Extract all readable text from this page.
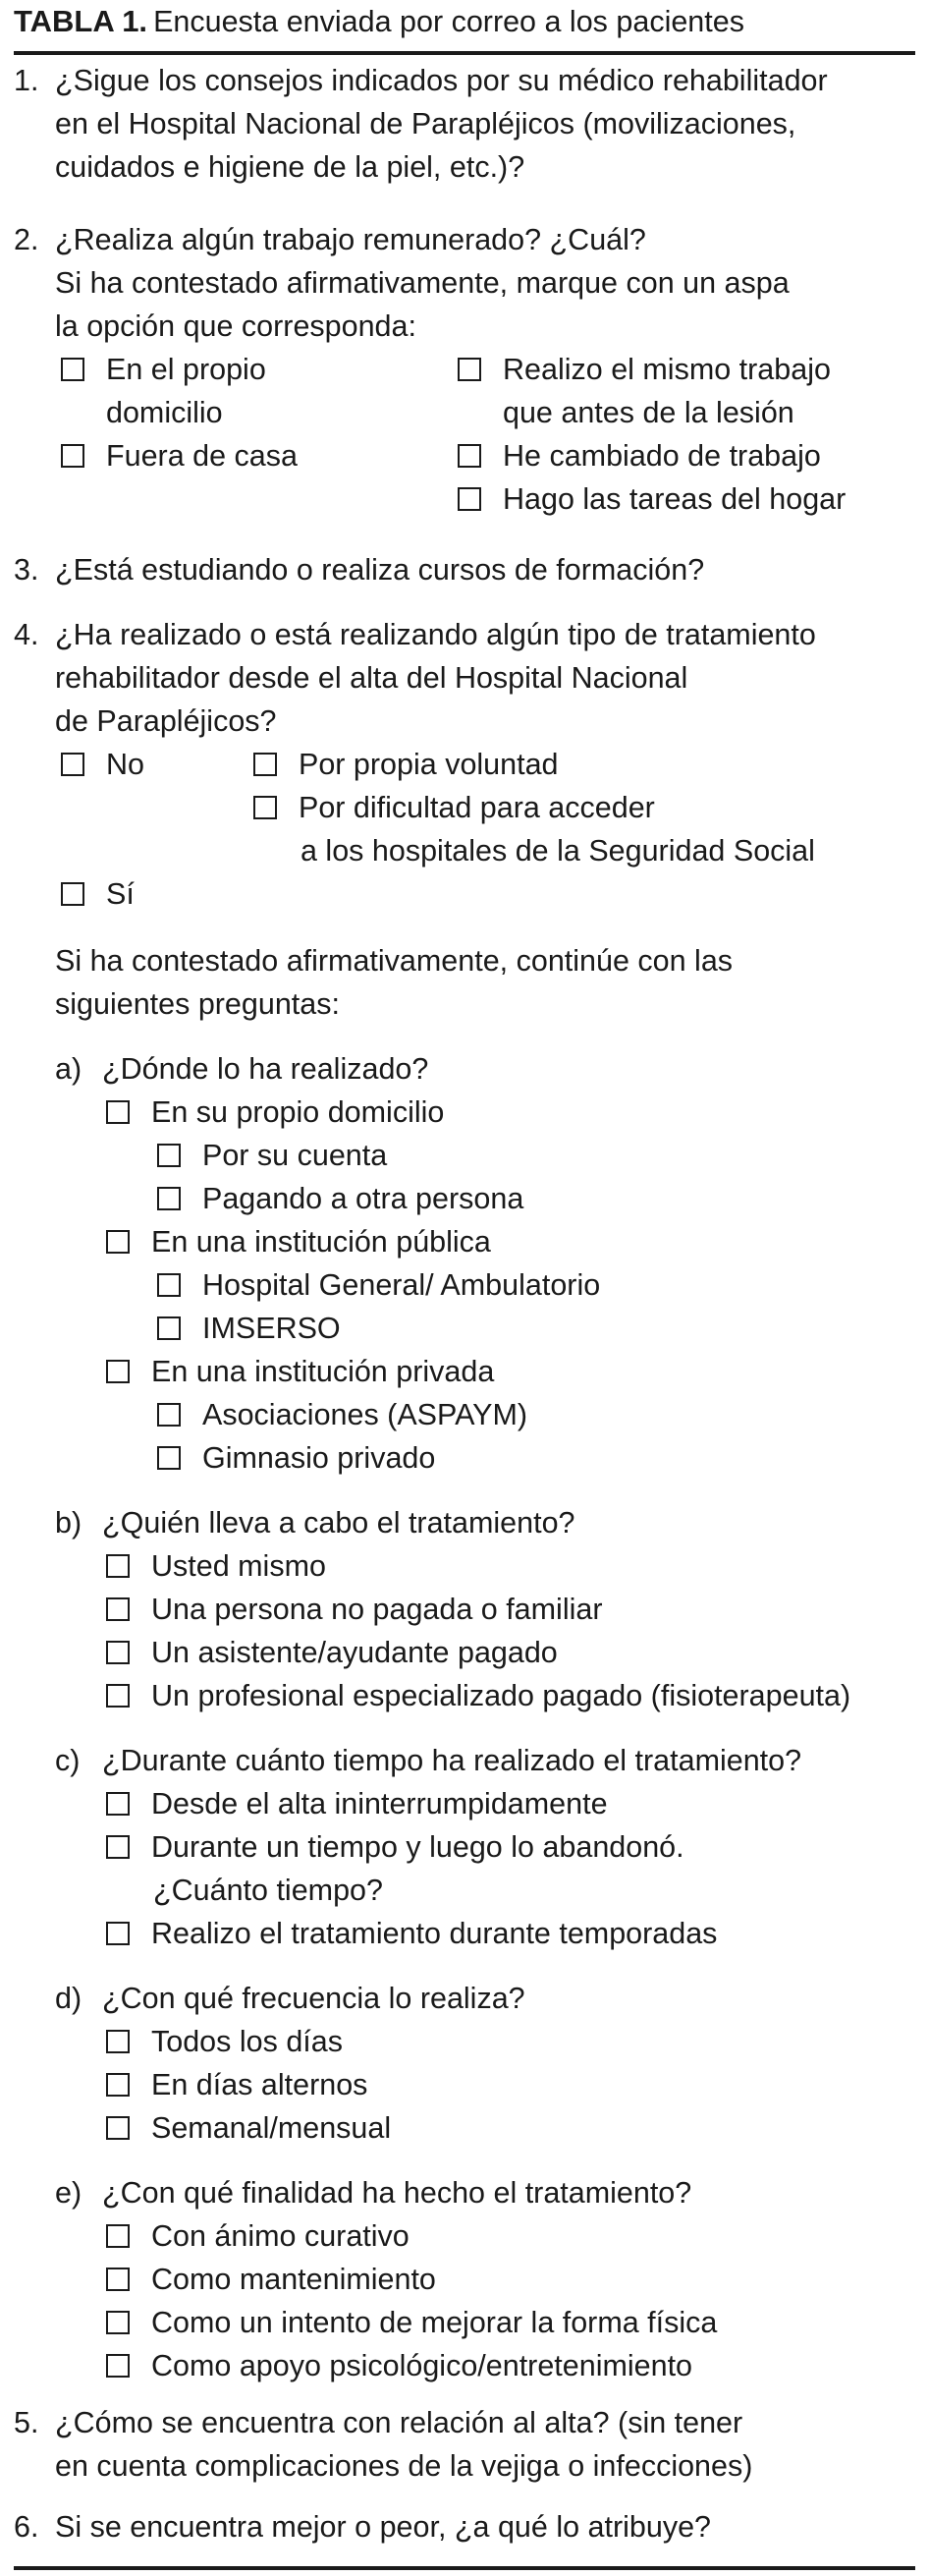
TABLA 1. Encuesta enviada por correo a los pacientes
1. ¿Sigue los consejos indicados por su médico rehabilitador
en el Hospital Nacional de Parapléjicos (movilizaciones,
cuidados e higiene de la piel, etc.)?
2. ¿Realiza algún trabajo remunerado? ¿Cuál?
Si ha contestado afirmativamente, marque con un aspa
la opción que corresponda:
En el propio
domicilio
Fuera de casa
Realizo el mismo trabajo
que antes de la lesión
He cambiado de trabajo
Hago las tareas del hogar
3. ¿Está estudiando o realiza cursos de formación?
4. ¿Ha realizado o está realizando algún tipo de tratamiento
rehabilitador desde el alta del Hospital Nacional
de Parapléjicos?
No	Por propia voluntad
Por dificultad para acceder
a los hospitales de la Seguridad Social
Sí
Si ha contestado afirmativamente, continúe con las
siguientes preguntas:
a) ¿Dónde lo ha realizado?
En su propio domicilio
Por su cuenta
Pagando a otra persona
En una institución pública
Hospital General/ Ambulatorio
IMSERSO
En una institución privada
Asociaciones (ASPAYM)
Gimnasio privado
b) ¿Quién lleva a cabo el tratamiento?
Usted mismo
Una persona no pagada o familiar
Un asistente/ayudante pagado
Un profesional especializado pagado (fisioterapeuta)
c) ¿Durante cuánto tiempo ha realizado el tratamiento?
Desde el alta ininterrumpidamente
Durante un tiempo y luego lo abandonó.
¿Cuánto tiempo?
Realizo el tratamiento durante temporadas
d) ¿Con qué frecuencia lo realiza?
Todos los días
En días alternos
Semanal/mensual
e) ¿Con qué finalidad ha hecho el tratamiento?
Con ánimo curativo
Como mantenimiento
Como un intento de mejorar la forma física
Como apoyo psicológico/entretenimiento
5. ¿Cómo se encuentra con relación al alta? (sin tener
en cuenta complicaciones de la vejiga o infecciones)
6. Si se encuentra mejor o peor, ¿a qué lo atribuye?
